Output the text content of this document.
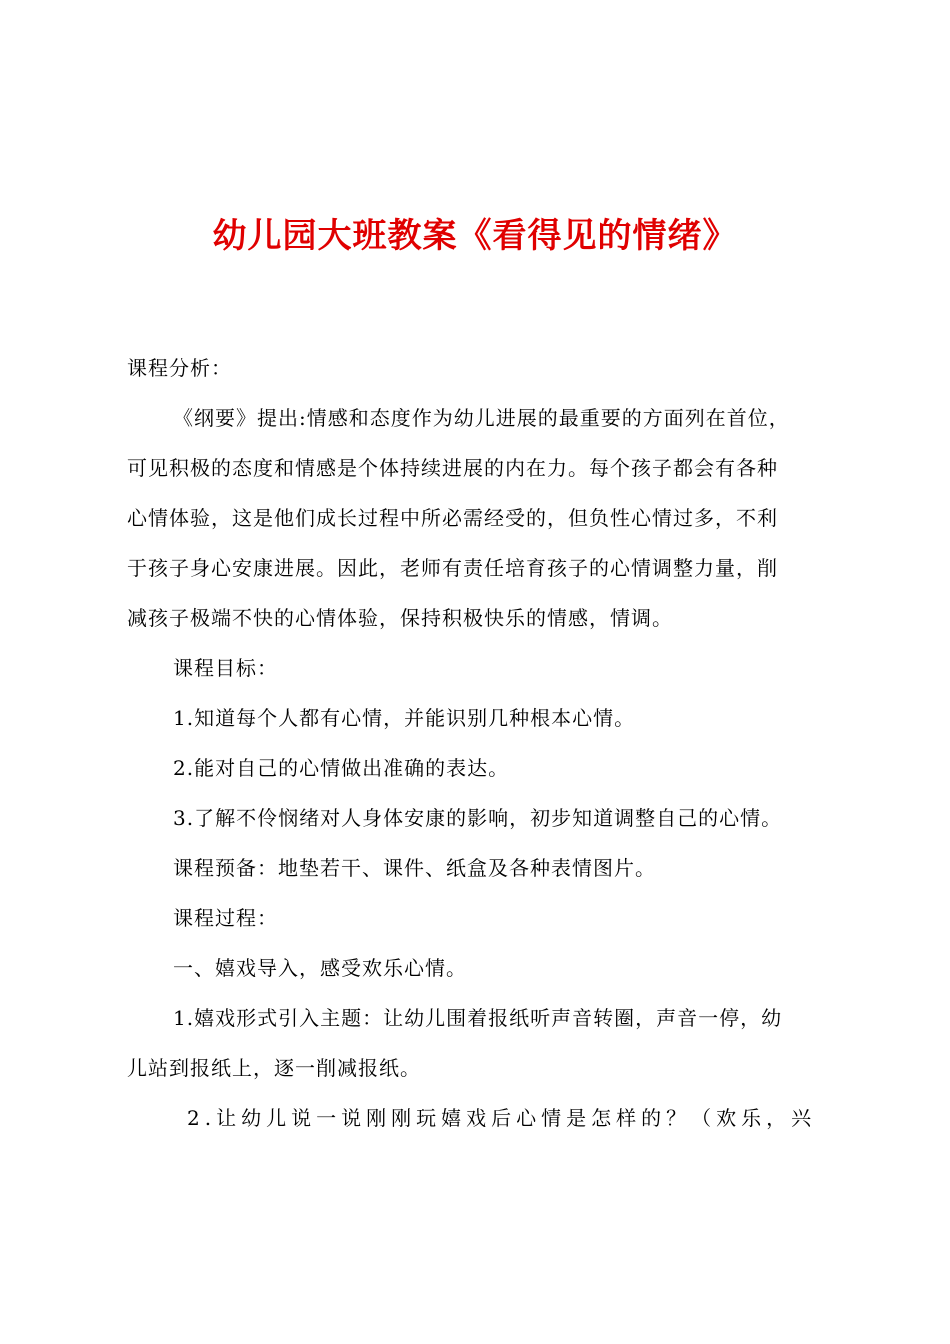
幼儿园大班教案《看得见的情绪》
课程分析：
《纲要》提出:情感和态度作为幼儿进展的最重要的方面列在首位，
可见积极的态度和情感是个体持续进展的内在力。每个孩子都会有各种
心情体验，这是他们成长过程中所必需经受的，但负性心情过多，不利
于孩子身心安康进展。因此，老师有责任培育孩子的心情调整力量，削
减孩子极端不快的心情体验，保持积极快乐的情感，情调。
课程目标：
1.知道每个人都有心情，并能识别几种根本心情。
2.能对自己的心情做出准确的表达。
3.了解不伶悯绪对人身体安康的影响，初步知道调整自己的心情。
课程预备：地垫若干、课件、纸盒及各种表情图片。
课程过程：
一、嬉戏导入，感受欢乐心情。
1.嬉戏形式引入主题：让幼儿围着报纸听声音转圈，声音一停，幼
儿站到报纸上，逐一削减报纸。
2.让幼儿说一说刚刚玩嬉戏后心情是怎样的？（欢乐，兴
